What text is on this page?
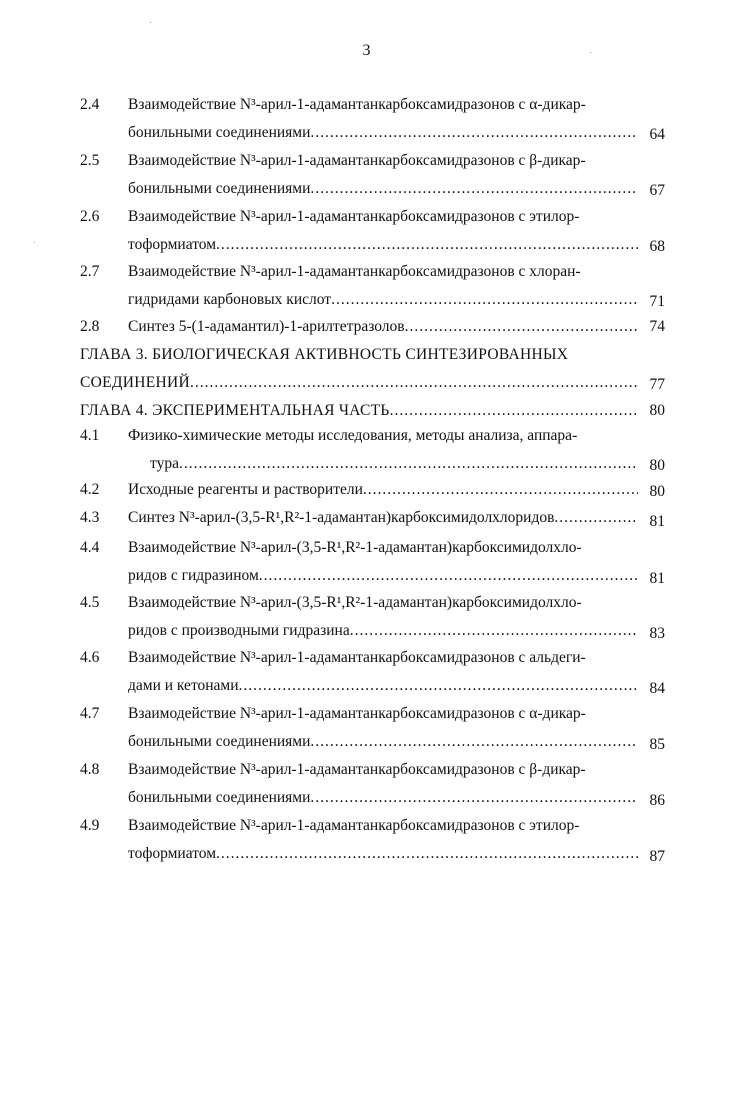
3
2.4 Взаимодействие N³-арил-1-адамантанкарбоксамидразонов с α-дикар-
бонильными соединениями .....	64
2.5 Взаимодействие N³-арил-1-адамантанкарбоксамидразонов с β-дикар-
бонильными соединениями .....	67
2.6 Взаимодействие N³-арил-1-адамантанкарбоксамидразонов с этилор-
тоформиатом .....	68
2.7 Взаимодействие N³-арил-1-адамантанкарбоксамидразонов с хлоран-
гидридами карбоновых кислот .....	71
2.8 Синтез 5-(1-адамантил)-1-арилтетразолов .....	74
ГЛАВА 3. БИОЛОГИЧЕСКАЯ АКТИВНОСТЬ СИНТЕЗИРОВАННЫХ
СОЕДИНЕНИЙ .....	77
ГЛАВА 4. ЭКСПЕРИМЕНТАЛЬНАЯ ЧАСТЬ .....	80
4.1 Физико-химические методы исследования, методы анализа, аппара-
тура .....	80
4.2 Исходные реагенты и растворители .....	80
4.3 Синтез N³-арил-(3,5-R¹,R²-1-адамантан)карбоксимидолхлоридов .....	81
4.4 Взаимодействие N³-арил-(3,5-R¹,R²-1-адамантан)карбоксимидолхло-
ридов с гидразином .....	81
4.5 Взаимодействие N³-арил-(3,5-R¹,R²-1-адамантан)карбоксимидолхло-
ридов с производными гидразина .....	83
4.6 Взаимодействие N³-арил-1-адамантанкарбоксамидразонов с альдеги-
дами и кетонами .....	84
4.7 Взаимодействие N³-арил-1-адамантанкарбоксамидразонов с α-дикар-
бонильными соединениями .....	85
4.8 Взаимодействие N³-арил-1-адамантанкарбоксамидразонов с β-дикар-
бонильными соединениями .....	86
4.9 Взаимодействие N³-арил-1-адамантанкарбоксамидразонов с этилор-
тоформиатом .....	87
